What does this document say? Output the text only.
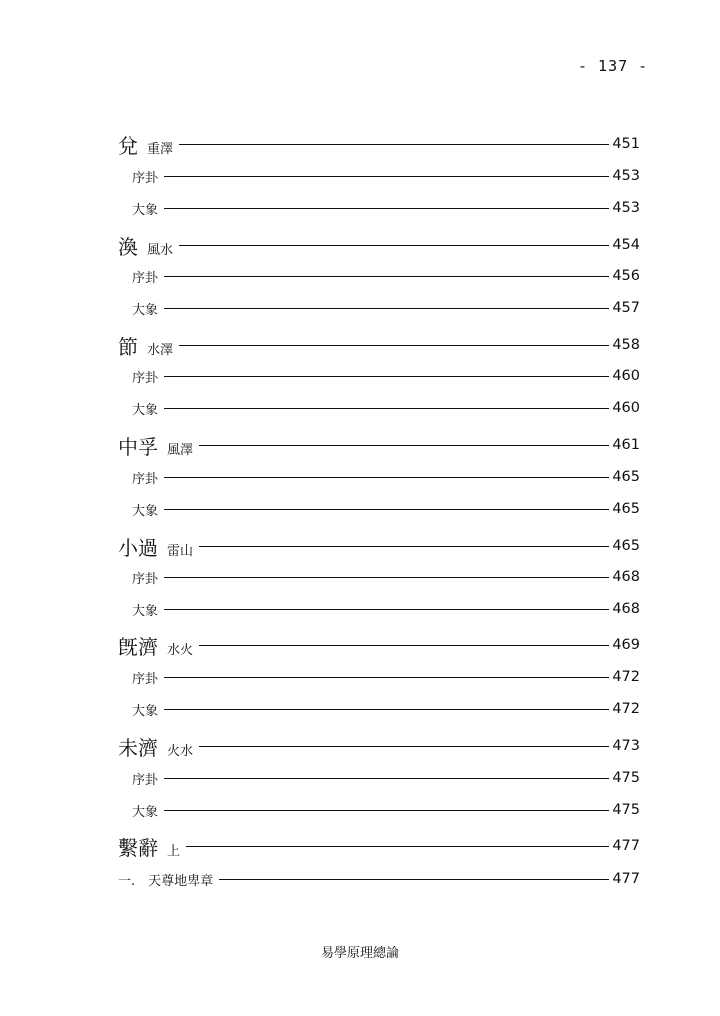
- 137 -
兌 重澤	451
序卦	453
大象	453
渙 風水	454
序卦	456
大象	457
節 水澤	458
序卦	460
大象	460
中孚 風澤	461
序卦	465
大象	465
小過 雷山	465
序卦	468
大象	468
旣濟 水火	469
序卦	472
大象	472
未濟 火水	473
序卦	475
大象	475
繫辭 上	477
一.　天尊地卑章	477
易學原理總論
